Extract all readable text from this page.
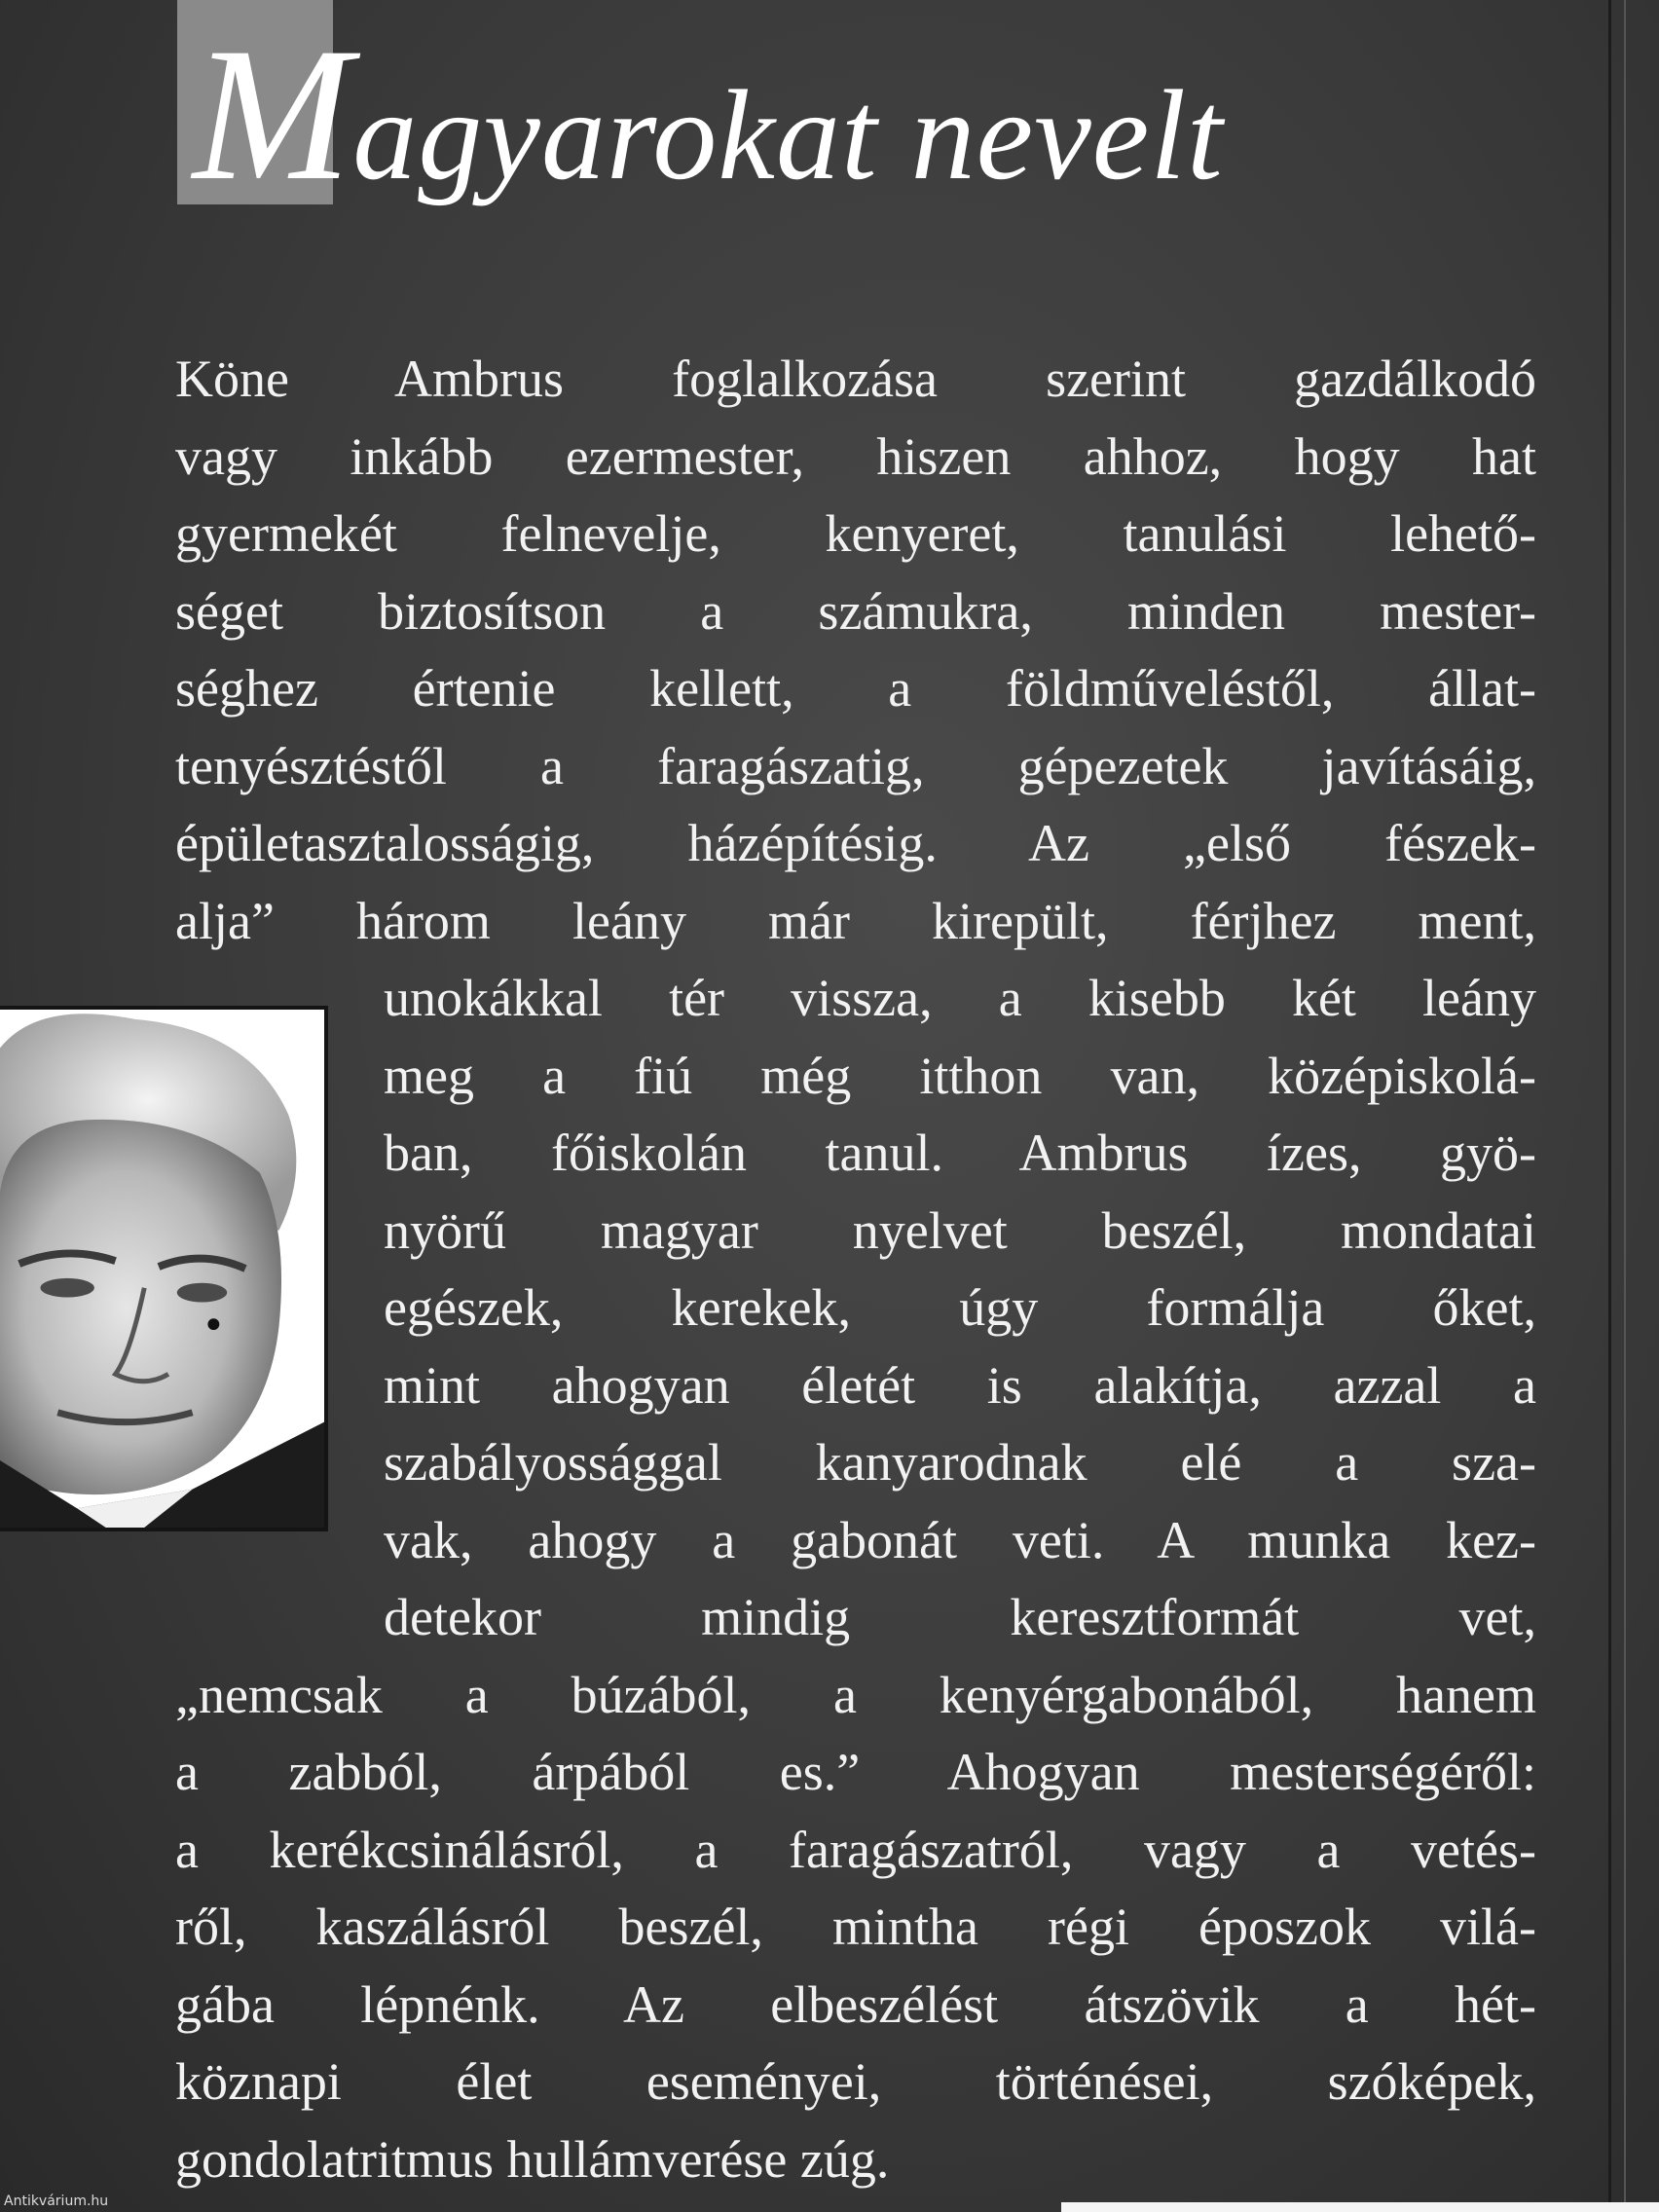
Magyarokat nevelt
Köne Ambrus foglalkozása szerint gazdálkodó
vagy inkább ezermester, hiszen ahhoz, hogy hat
gyermekét felnevelje, kenyeret, tanulási lehető-
séget biztosítson a számukra, minden mester-
séghez értenie kellett, a földműveléstől, állat-
tenyésztéstől a faragászatig, gépezetek javításáig,
épületasztalosságig, házépítésig. Az „első fészek-
alja” három leány már kirepült, férjhez ment,
unokákkal tér vissza, a kisebb két leány
meg a fiú még itthon van, középiskolá-
ban, főiskolán tanul. Ambrus ízes, gyö-
nyörű magyar nyelvet beszél, mondatai
egészek, kerekek, úgy formálja őket,
mint ahogyan életét is alakítja, azzal a
szabályossággal kanyarodnak elé a sza-
vak, ahogy a gabonát veti. A munka kez-
detekor mindig keresztformát vet,
„nemcsak a búzából, a kenyérgabonából, hanem
a zabból, árpából es.” Ahogyan mesterségéről:
a kerékcsinálásról, a faragászatról, vagy a vetés-
ről, kaszálásról beszél, mintha régi époszok vilá-
gába lépnénk. Az elbeszélést átszövik a hét-
köznapi élet eseményei, történései, szóképek,
gondolatritmus hullámverése zúg.
Antikvárium.hu
